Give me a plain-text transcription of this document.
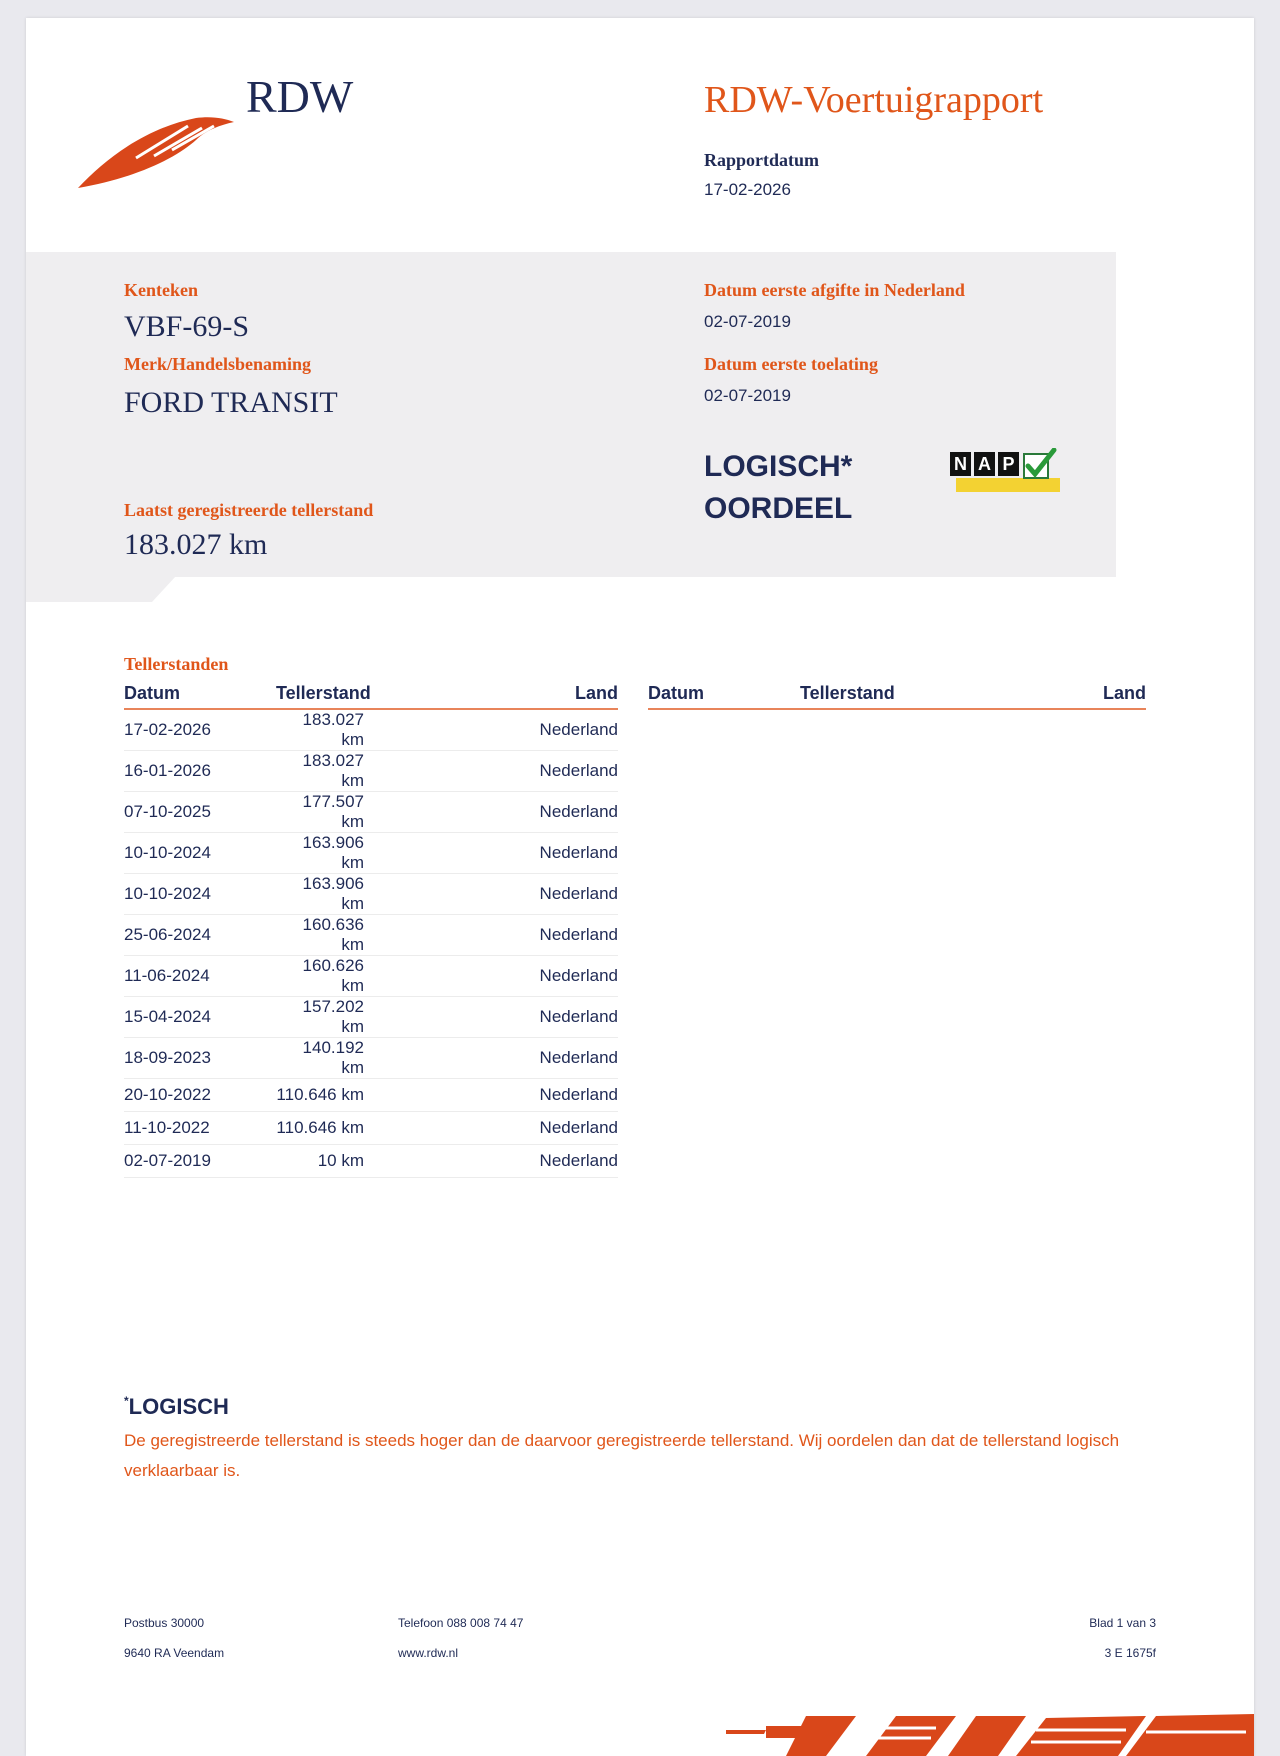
RDW	RDW-Voertuigrapport
Rapportdatum
17-02-2026
Kenteken
VBF-69-S
Merk/Handelsbenaming
FORD TRANSIT
Laatst geregistreerde tellerstand
183.027 km
Datum eerste afgifte in Nederland
02-07-2019
Datum eerste toelating
02-07-2019
LOGISCH*
OORDEEL
N A P
Tellerstanden
Datum	Tellerstand	Land
17-02-2026	183.027 km	Nederland
16-01-2026	183.027 km	Nederland
07-10-2025	177.507 km	Nederland
10-10-2024	163.906 km	Nederland
10-10-2024	163.906 km	Nederland
25-06-2024	160.636 km	Nederland
11-06-2024	160.626 km	Nederland
15-04-2024	157.202 km	Nederland
18-09-2023	140.192 km	Nederland
20-10-2022	110.646 km	Nederland
11-10-2022	110.646 km	Nederland
02-07-2019	10 km	Nederland
Datum	Tellerstand	Land
*LOGISCH
De geregistreerde tellerstand is steeds hoger dan de daarvoor geregistreerde tellerstand. Wij oordelen dan dat de tellerstand logisch verklaarbaar is.
Postbus 30000
9640 RA Veendam
Telefoon 088 008 74 47
www.rdw.nl
Blad 1 van 3
3 E 1675f
